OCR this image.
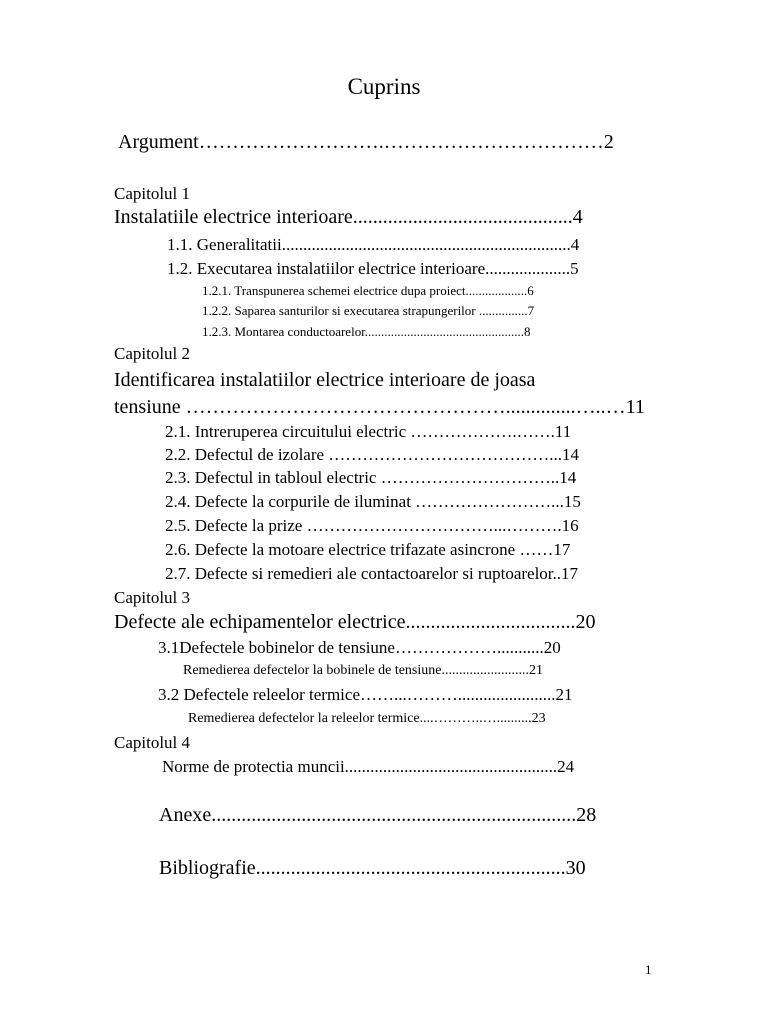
Cuprins
Argument……………………….……………………………2
Capitolul 1
Instalatiile electrice interioare............................................4
1.1. Generalitatii....................................................................4
1.2. Executarea instalatiilor electrice interioare....................5
1.2.1. Transpunerea schemei electrice dupa proiect...................6
1.2.2. Saparea santurilor si executarea strapungerilor ...............7
1.2.3. Montarea conductoarelor.................................................8
Capitolul 2
Identificarea instalatiilor electrice interioare de joasa
tensiune …………………………………………..............…..…11
2.1. Intreruperea circuitului electric ……………….…….11
2.2. Defectul de izolare …………………………………...14
2.3. Defectul in tabloul electric …………………………..14
2.4. Defecte la corpurile de iluminat ……………………...15
2.5. Defecte la prize ……………………………...……….16
2.6. Defecte la motoare electrice trifazate asincrone ……17
2.7. Defecte si remedieri ale contactoarelor si ruptoarelor..17
Capitolul 3
Defecte ale echipamentelor electrice..................................20
3.1Defectele bobinelor de tensiune………………...........20
Remedierea defectelor la bobinele de tensiune.........................21
3.2 Defectele releelor termice……...……….......................21
Remedierea defectelor la releelor termice....………..…..........23
Capitolul 4
Norme de protectia muncii..................................................24
Anexe.........................................................................28
Bibliografie..............................................................30
1
